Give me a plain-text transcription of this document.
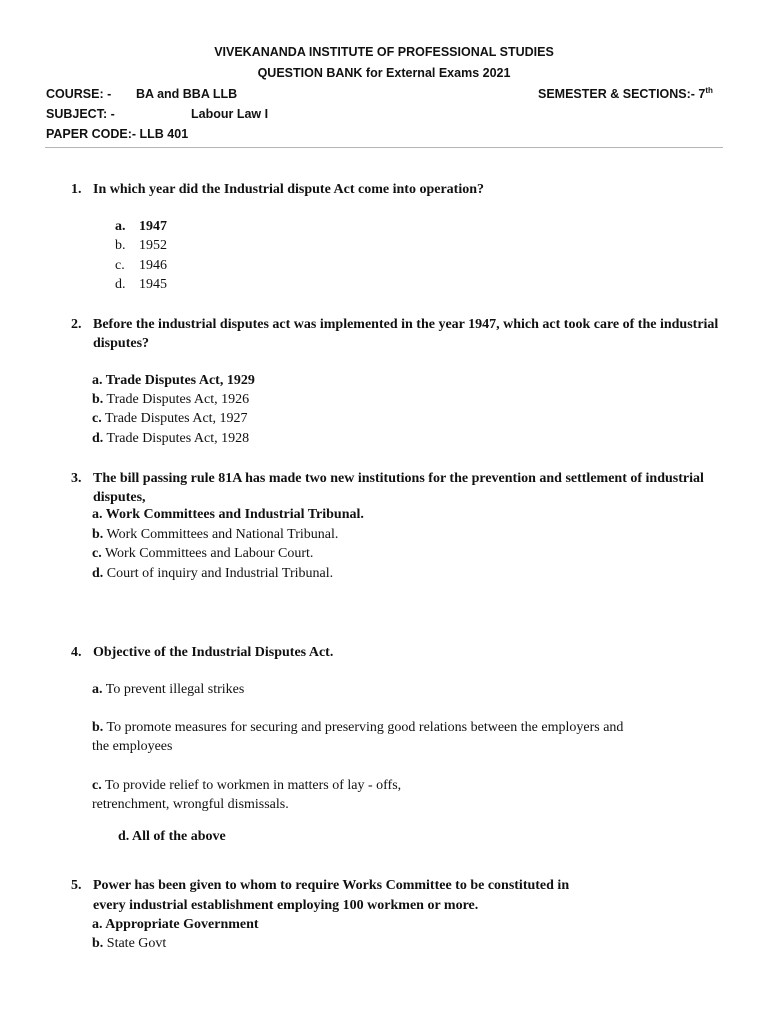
VIVEKANANDA INSTITUTE OF PROFESSIONAL STUDIES
QUESTION BANK for External Exams 2021
COURSE: - BA and BBA LLB	SEMESTER & SECTIONS:- 7th
SUBJECT: -	Labour Law I
PAPER CODE:- LLB 401
1. In which year did the Industrial dispute Act come into operation?
a. 1947
b. 1952
c. 1946
d. 1945
2. Before the industrial disputes act was implemented in the year 1947, which act took care of the industrial disputes?
a. Trade Disputes Act, 1929
b. Trade Disputes Act, 1926
c. Trade Disputes Act, 1927
d. Trade Disputes Act, 1928
3. The bill passing rule 81A has made two new institutions for the prevention and settlement of industrial disputes,
a. Work Committees and Industrial Tribunal.
b. Work Committees and National Tribunal.
c. Work Committees and Labour Court.
d. Court of inquiry and Industrial Tribunal.
4. Objective of the Industrial Disputes Act.
a. To prevent illegal strikes
b. To promote measures for securing and preserving good relations between the employers and
the employees
c. To provide relief to workmen in matters of lay - offs,
retrenchment, wrongful dismissals.
d. All of the above
5. Power has been given to whom to require Works Committee to be constituted in
every industrial establishment employing 100 workmen or more.
a. Appropriate Government
b. State Govt
